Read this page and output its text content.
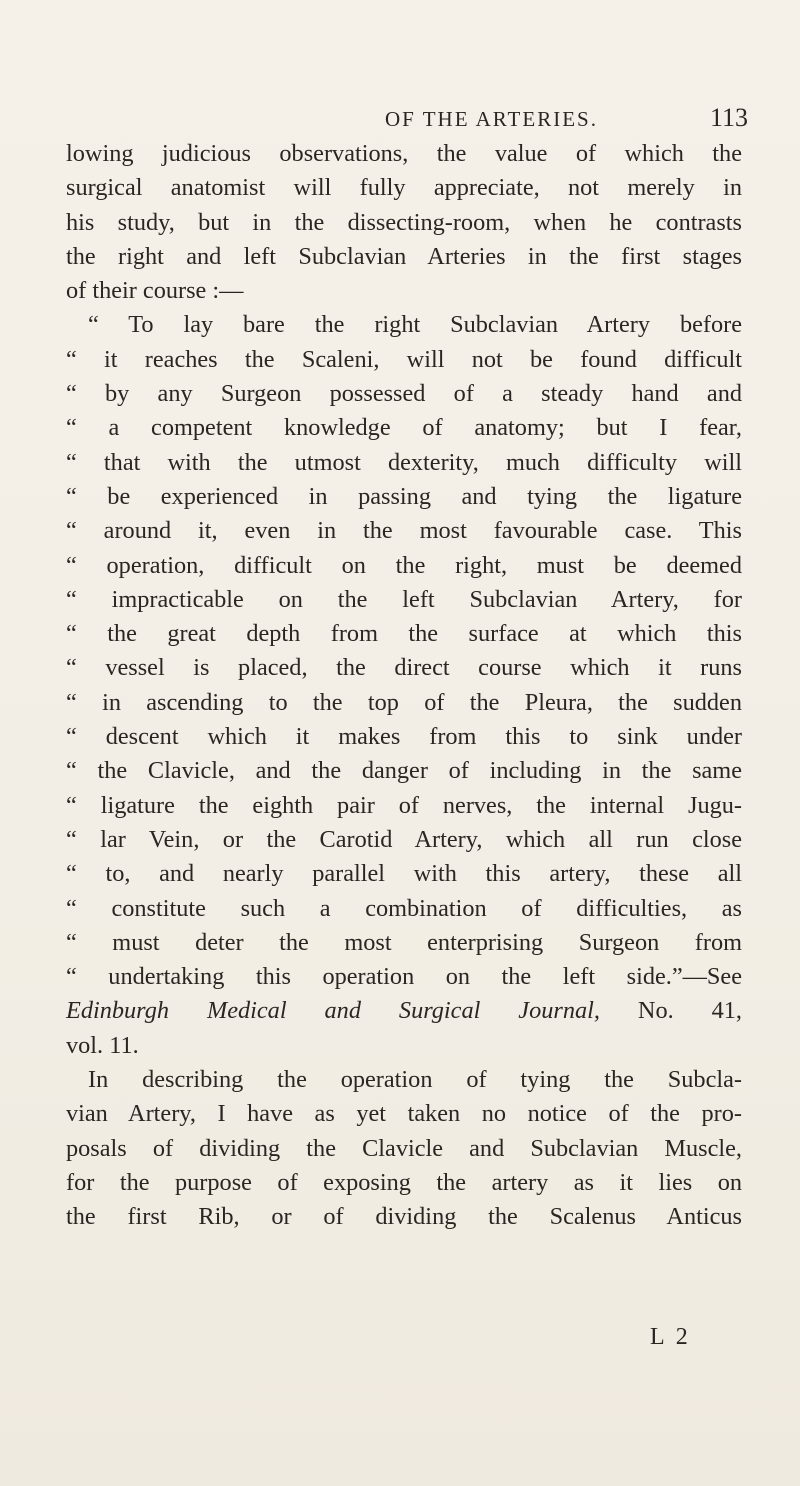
OF THE ARTERIES.	113
lowing judicious observations, the value of which the
surgical anatomist will fully appreciate, not merely in
his study, but in the dissecting-room, when he contrasts
the right and left Subclavian Arteries in the first stages
of their course :—
“ To lay bare the right Subclavian Artery before
“ it reaches the Scaleni, will not be found difficult
“ by any Surgeon possessed of a steady hand and
“ a competent knowledge of anatomy; but I fear,
“ that with the utmost dexterity, much difficulty will
“ be experienced in passing and tying the ligature
“ around it, even in the most favourable case. This
“ operation, difficult on the right, must be deemed
“ impracticable on the left Subclavian Artery, for
“ the great depth from the surface at which this
“ vessel is placed, the direct course which it runs
“ in ascending to the top of the Pleura, the sudden
“ descent which it makes from this to sink under
“ the Clavicle, and the danger of including in the same
“ ligature the eighth pair of nerves, the internal Jugu-
“ lar Vein, or the Carotid Artery, which all run close
“ to, and nearly parallel with this artery, these all
“ constitute such a combination of difficulties, as
“ must deter the most enterprising Surgeon from
“ undertaking this operation on the left side.”—See
Edinburgh Medical and Surgical Journal, No. 41,
vol. 11.
In describing the operation of tying the Subcla-
vian Artery, I have as yet taken no notice of the pro-
posals of dividing the Clavicle and Subclavian Muscle,
for the purpose of exposing the artery as it lies on
the first Rib, or of dividing the Scalenus Anticus
L 2
